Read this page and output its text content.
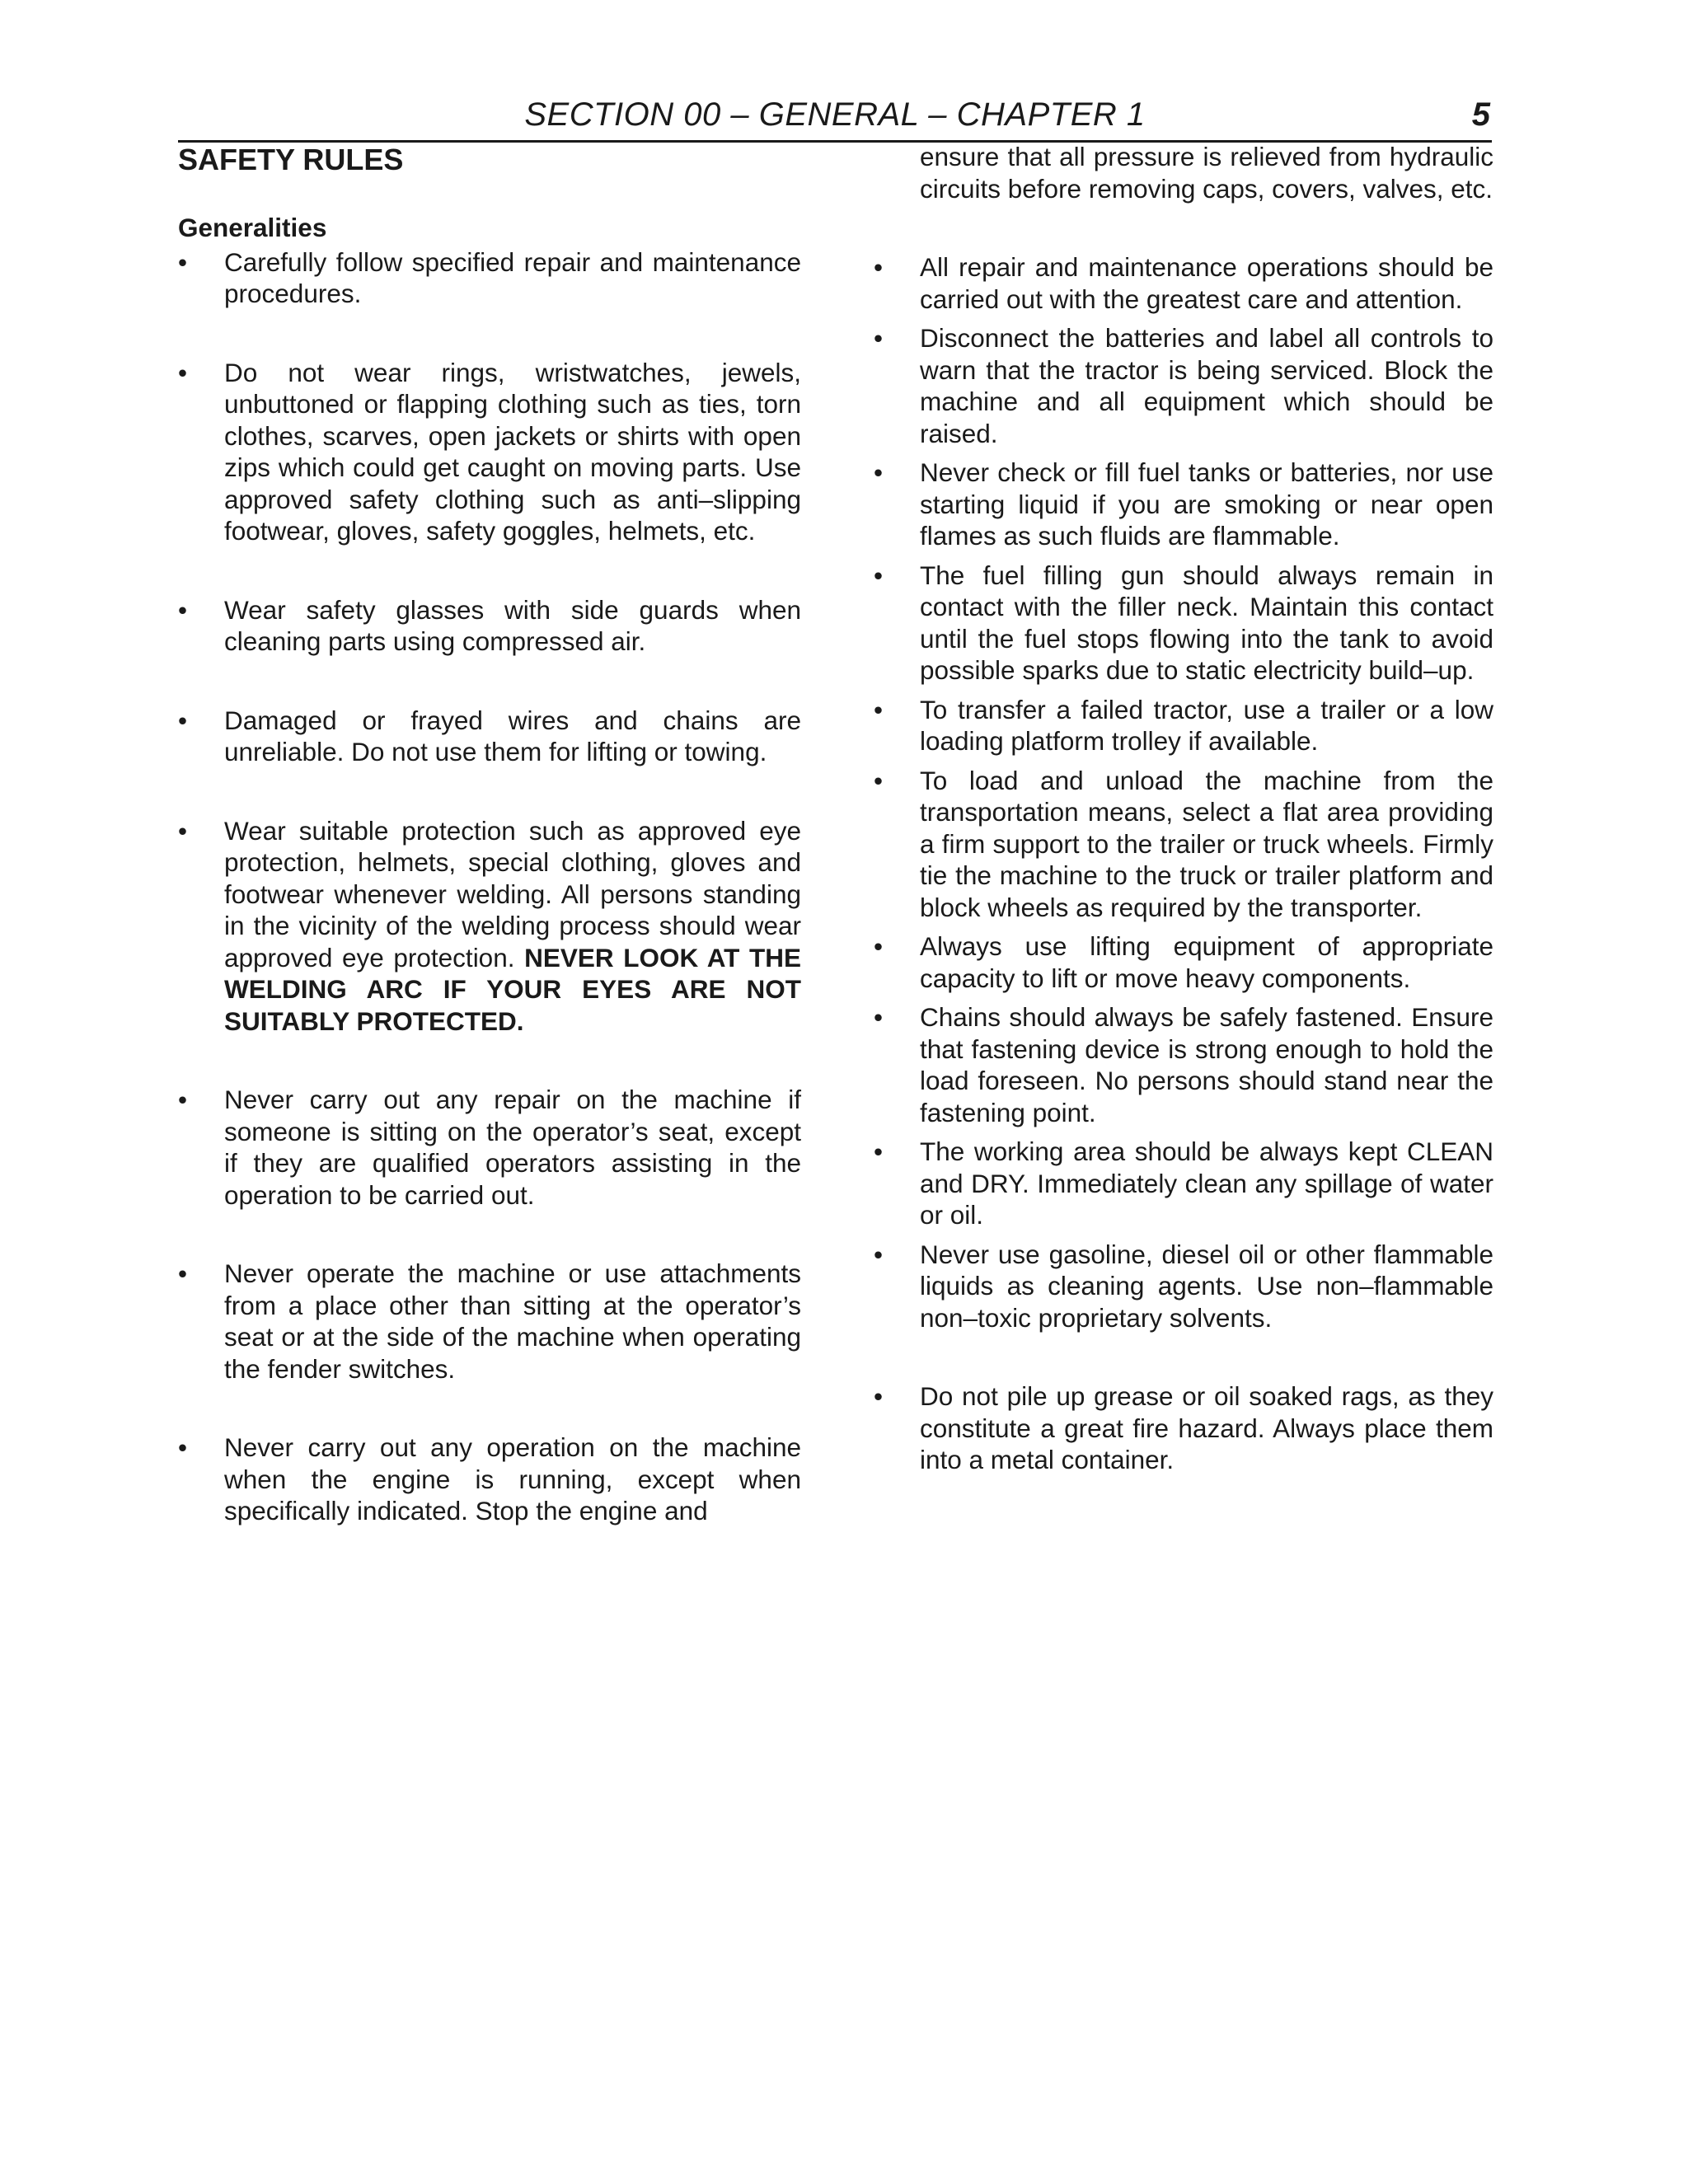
SECTION 00 – GENERAL – CHAPTER 1	5
SAFETY RULES
Generalities
•	Carefully follow specified repair and maintenance procedures.
•	Do not wear rings, wristwatches, jewels, unbuttoned or flapping clothing such as ties, torn clothes, scarves, open jackets or shirts with open zips which could get caught on moving parts. Use approved safety clothing such as anti–slipping footwear, gloves, safety goggles, helmets, etc.
•	Wear safety glasses with side guards when cleaning parts using compressed air.
•	Damaged or frayed wires and chains are unreliable. Do not use them for lifting or towing.
•	Wear suitable protection such as approved eye protection, helmets, special clothing, gloves and footwear whenever welding. All persons standing in the vicinity of the welding process should wear approved eye protection. NEVER LOOK AT THE WELDING ARC IF YOUR EYES ARE NOT SUITABLY PROTECTED.
•	Never carry out any repair on the machine if someone is sitting on the operator’s seat, except if they are qualified operators assisting in the operation to be carried out.
•	Never operate the machine or use attachments from a place other than sitting at the operator’s seat or at the side of the machine when operating the fender switches.
•	Never carry out any operation on the machine when the engine is running, except when specifically indicated. Stop the engine and
ensure that all pressure is relieved from hydraulic circuits before removing caps, covers, valves, etc.
•	All repair and maintenance operations should be carried out with the greatest care and attention.
•	Disconnect the batteries and label all controls to warn that the tractor is being serviced. Block the machine and all equipment which should be raised.
•	Never check or fill fuel tanks or batteries, nor use starting liquid if you are smoking or near open flames as such fluids are flammable.
•	The fuel filling gun should always remain in contact with the filler neck. Maintain this contact until the fuel stops flowing into the tank to avoid possible sparks due to static electricity build–up.
•	To transfer a failed tractor, use a trailer or a low loading platform trolley if available.
•	To load and unload the machine from the transportation means, select a flat area providing a firm support to the trailer or truck wheels. Firmly tie the machine to the truck or trailer platform and block wheels as required by the transporter.
•	Always use lifting equipment of appropriate capacity to lift or move heavy components.
•	Chains should always be safely fastened. Ensure that fastening device is strong enough to hold the load foreseen. No persons should stand near the fastening point.
•	The working area should be always kept CLEAN and DRY. Immediately clean any spillage of water or oil.
•	Never use gasoline, diesel oil or other flammable liquids as cleaning agents. Use non–flammable non–toxic proprietary solvents.
•	Do not pile up grease or oil soaked rags, as they constitute a great fire hazard. Always place them into a metal container.
